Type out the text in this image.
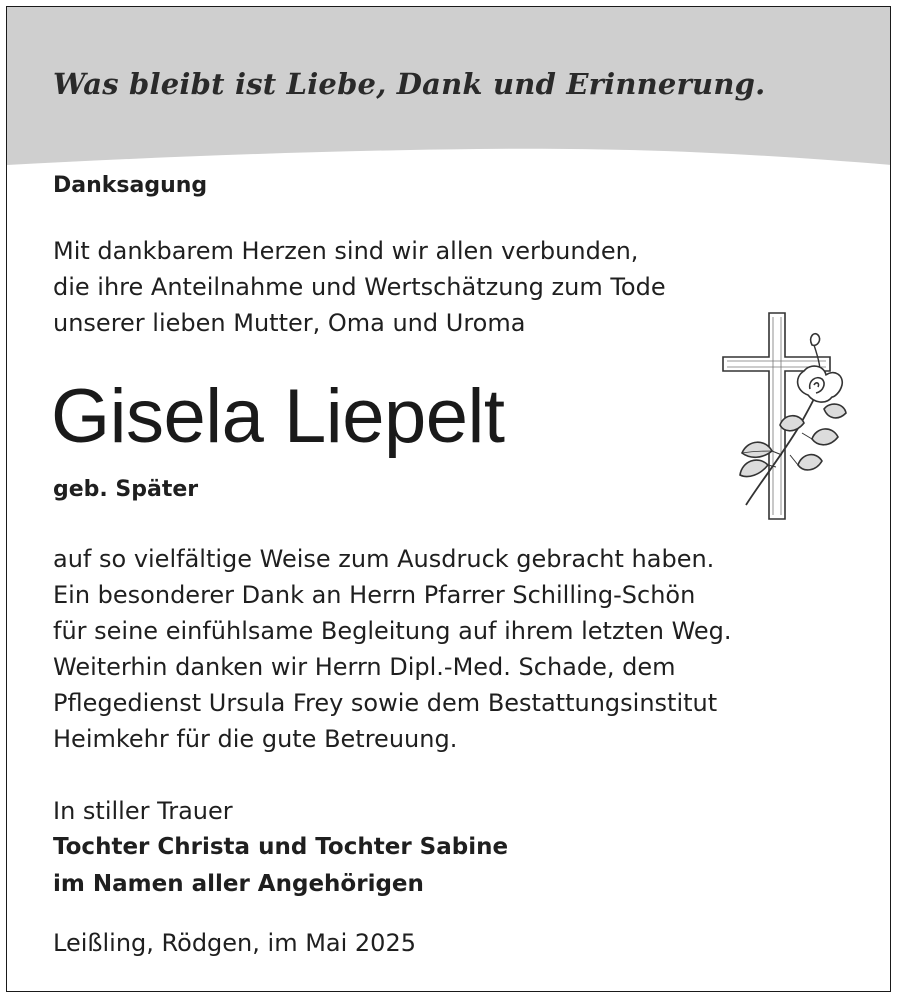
Was bleibt ist Liebe, Dank und Erinnerung.
Danksagung
Mit dankbarem Herzen sind wir allen verbunden,
die ihre Anteilnahme und Wertschätzung zum Tode
unserer lieben Mutter, Oma und Uroma
Gisela Liepelt
geb. Später
auf so vielfältige Weise zum Ausdruck gebracht haben.
Ein besonderer Dank an Herrn Pfarrer Schilling-Schön
für seine einfühlsame Begleitung auf ihrem letzten Weg.
Weiterhin danken wir Herrn Dipl.-Med. Schade, dem
Pflegedienst Ursula Frey sowie dem Bestattungsinstitut
Heimkehr für die gute Betreuung.
In stiller Trauer
Tochter Christa und Tochter Sabine
im Namen aller Angehörigen
Leißling, Rödgen, im Mai 2025
